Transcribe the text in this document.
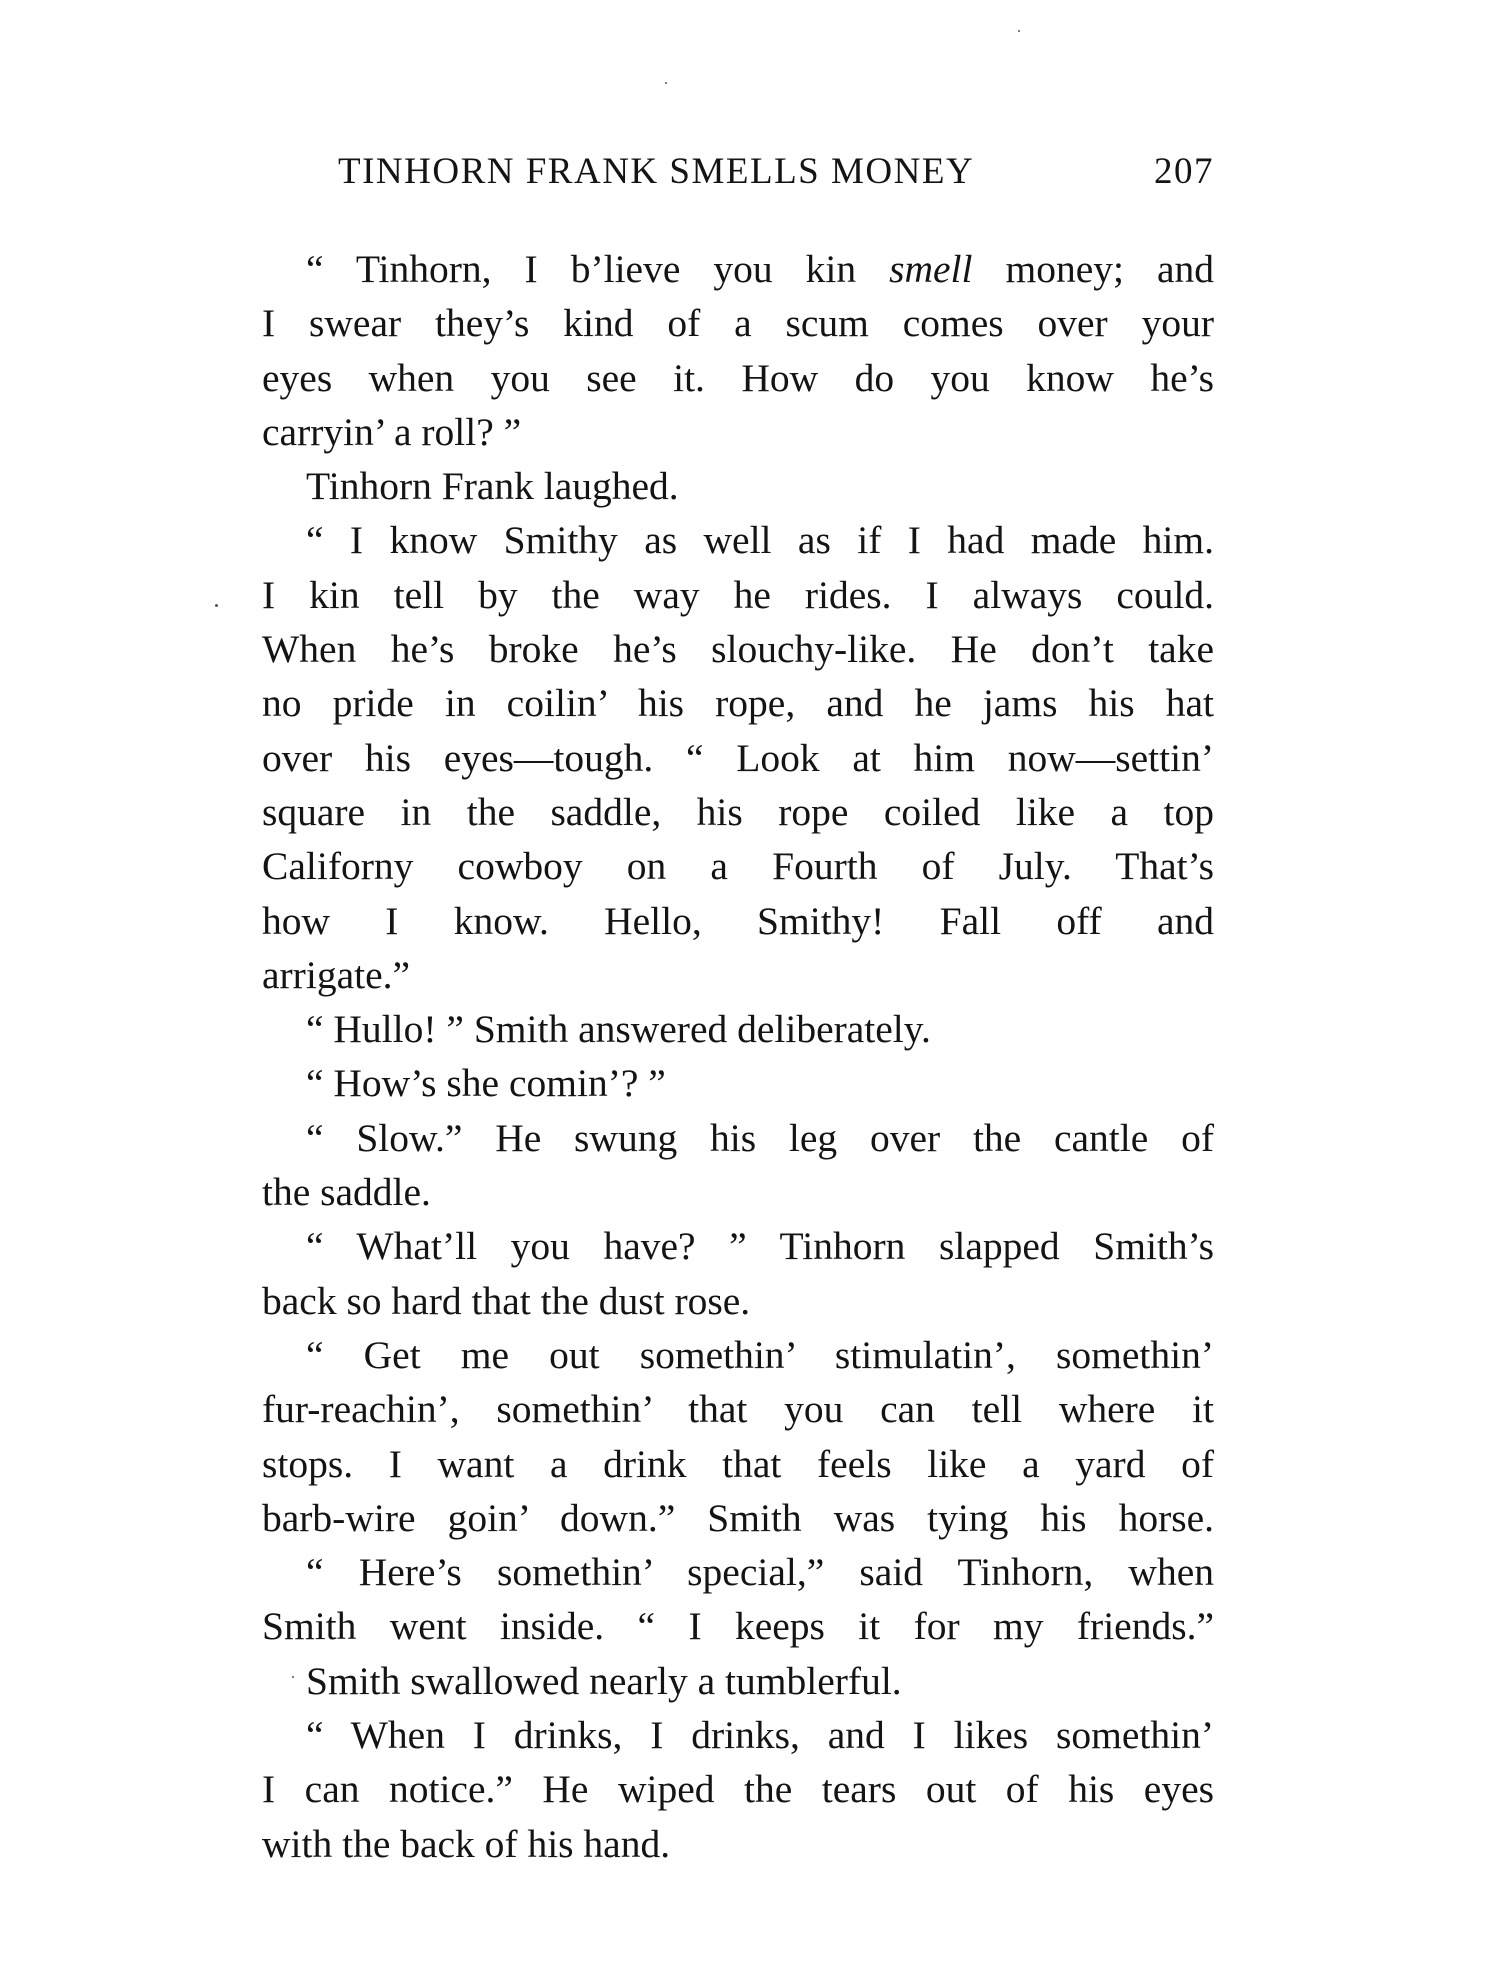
TINHORN FRANK SMELLS MONEY	207
“ Tinhorn, I b’lieve you kin smell money; and
I swear they’s kind of a scum comes over your
eyes when you see it. How do you know he’s
carryin’ a roll? ”
Tinhorn Frank laughed.
“ I know Smithy as well as if I had made him.
I kin tell by the way he rides. I always could.
When he’s broke he’s slouchy-like. He don’t take
no pride in coilin’ his rope, and he jams his hat
over his eyes—tough. “ Look at him now—settin’
square in the saddle, his rope coiled like a top
Californy cowboy on a Fourth of July. That’s
how I know. Hello, Smithy! Fall off and
arrigate.”
“ Hullo! ” Smith answered deliberately.
“ How’s she comin’? ”
“ Slow.” He swung his leg over the cantle of
the saddle.
“ What’ll you have? ” Tinhorn slapped Smith’s
back so hard that the dust rose.
“ Get me out somethin’ stimulatin’, somethin’
fur-reachin’, somethin’ that you can tell where it
stops. I want a drink that feels like a yard of
barb-wire goin’ down.” Smith was tying his horse.
“ Here’s somethin’ special,” said Tinhorn, when
Smith went inside. “ I keeps it for my friends.”
Smith swallowed nearly a tumblerful.
“ When I drinks, I drinks, and I likes somethin’
I can notice.” He wiped the tears out of his eyes
with the back of his hand.
